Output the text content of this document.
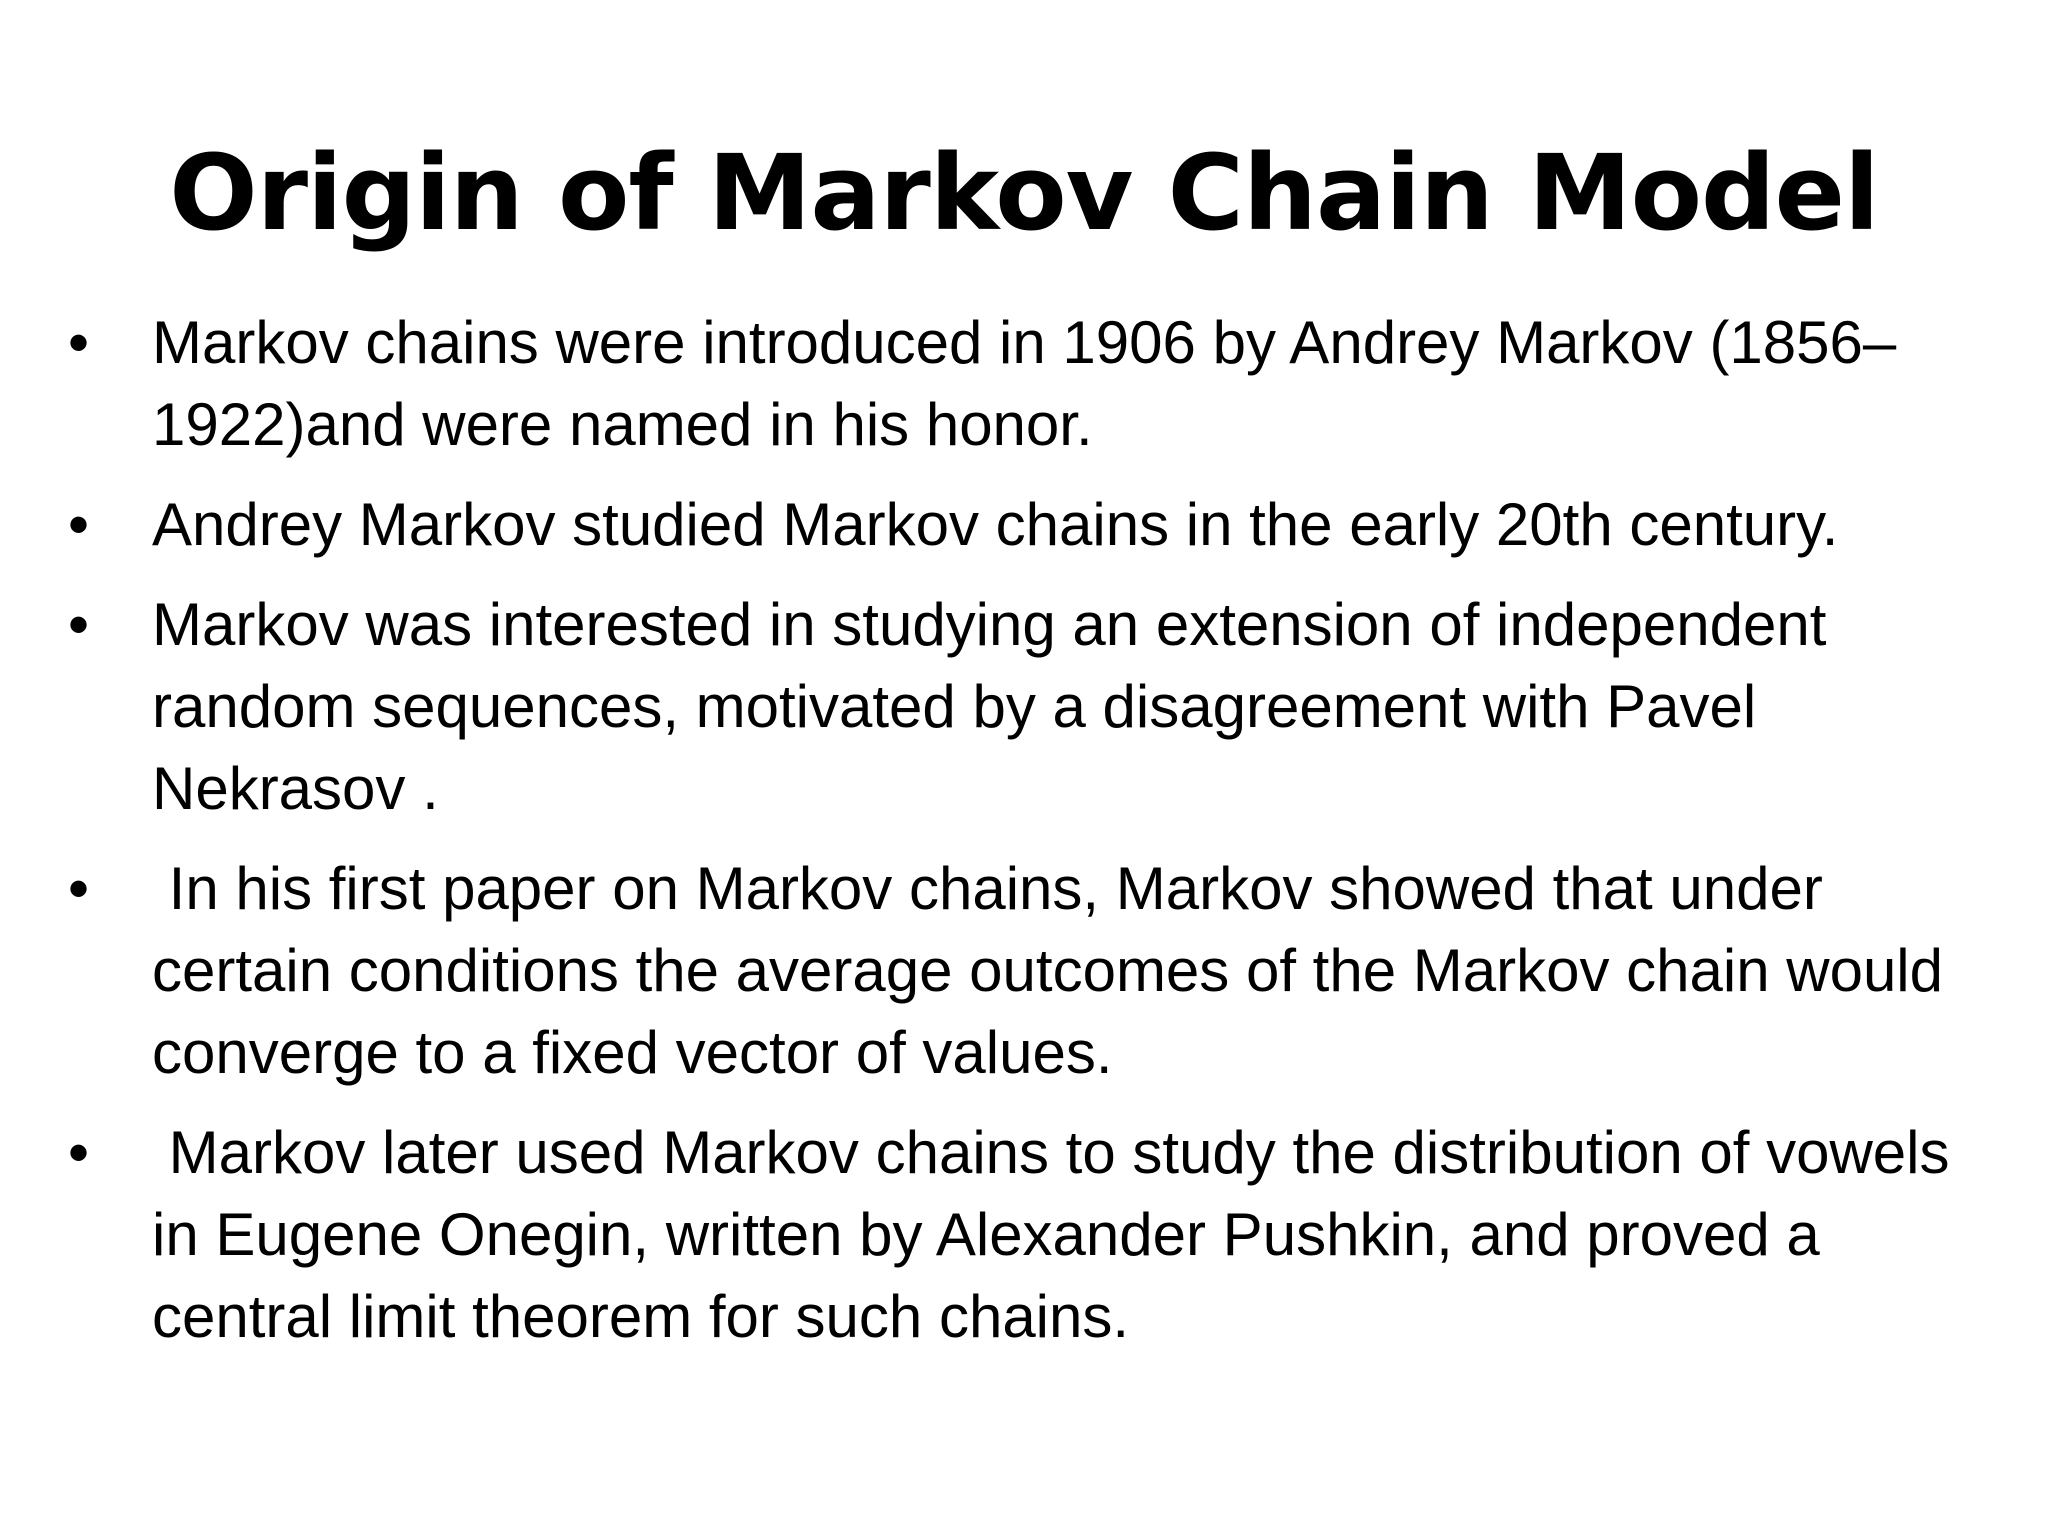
Origin of Markov Chain Model
•	Markov chains were introduced in 1906 by Andrey Markov (1856–1922)and were named in his honor.
•	Andrey Markov studied Markov chains in the early 20th century.
•	Markov was interested in studying an extension of independent random sequences, motivated by a disagreement with Pavel Nekrasov .
•	In his first paper on Markov chains, Markov showed that under certain conditions the average outcomes of the Markov chain would converge to a fixed vector of values.
•	Markov later used Markov chains to study the distribution of vowels in Eugene Onegin, written by Alexander Pushkin, and proved a central limit theorem for such chains.
